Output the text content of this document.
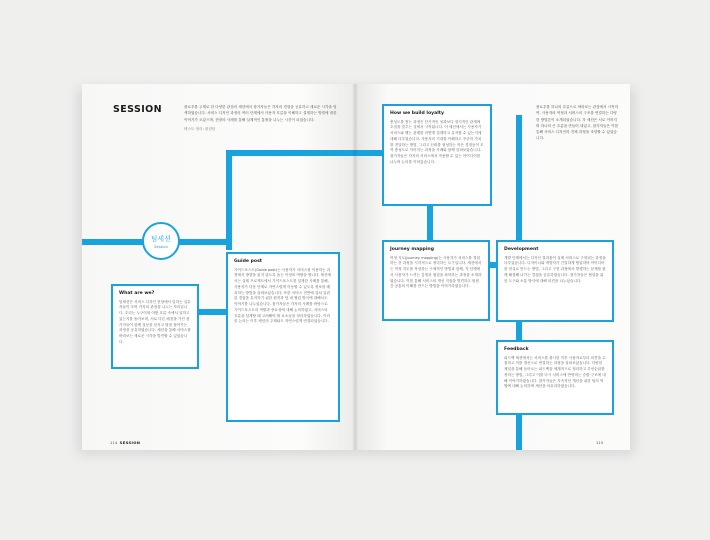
SESSION	플로우를 주제로 한 다양한 관점의 세션에서 참가자들은 각자의 경험을 공유하고 새로운 시각을 탐색하였습니다. 서비스 디자인 과정의 여러 단계에서 사용자 흐름을 이해하고 설계하는 방법에 대한 이야기가 오갔으며, 현장의 사례를 통해 실제적인 통찰을 나누는 시간이 되었습니다.
텍스트 정리: 편집팀
팀세션
Session
What are we?
팀세션은 서비스 디자인 현장에서 일하는 실무자들이 모여 각자의 관점을 나누는 자리입니다. 우리는 누구이며 어떤 흐름 속에서 일하고 있는지를 돌아보며, 서로 다른 배경을 가진 참가자들이 함께 질문을 던지고 답을 찾아가는 과정을 공유하였습니다. 세션을 통해 서비스를 바라보는 새로운 시각을 발견할 수 있었습니다.
Guide post
가이드포스트(Guide post)는 사용자가 서비스를 이용하는 과정에서 방향을 잃지 않도록 돕는 이정표 역할을 합니다. 세션에서는 실제 프로젝트에서 가이드포스트를 설계한 사례를 통해, 사용자가 다음 단계로 자연스럽게 이동할 수 있도록 정보를 배치하는 방법을 살펴보았습니다. 또한 서비스 전반에 걸쳐 일관된 경험을 유지하기 위한 원칙과 팀 내 협업 방식에 대해서도 이야기를 나누었습니다. 참가자들은 각자의 사례를 바탕으로 가이드포스트의 역할과 중요성에 대해 논의하였고, 서비스의 흐름을 설계할 때 고려해야 할 요소들을 정리하였습니다. 이러한 논의는 이후 세션의 주제와도 자연스럽게 연결되었습니다.
How we build loyalty
충성도를 쌓는 과정은 단기적인 성과보다 장기적인 관계에 초점을 맞추는 것에서 시작됩니다. 이 세션에서는 사용자가 서비스와 맺는 관계를 어떻게 설계하고 유지할 수 있는지에 대해 다루었습니다. 사용자의 기대를 이해하고 꾸준히 가치를 전달하는 방법, 그리고 신뢰를 형성하는 작은 경험들이 모여 충성도로 이어지는 과정을 사례와 함께 살펴보았습니다. 참가자들은 각자의 서비스에서 적용할 수 있는 아이디어를 나누며 논의를 이어갔습니다.
Journey mapping
여정 지도(Journey mapping)는 사용자가 서비스를 경험하는 전 과정을 시각적으로 정리하는 도구입니다. 세션에서는 여정 지도를 작성하는 구체적인 방법과 함께, 각 단계에서 사용자가 느끼는 감정과 접점을 파악하는 과정을 소개하였습니다. 이를 통해 서비스의 개선 지점을 발견하고 팀원 간 공통의 이해를 만드는 방법을 이야기하였습니다.
Development
개발 단계에서는 디자인 결과물이 실제 서비스로 구현되는 과정을 다루었습니다. 디자이너와 개발자가 긴밀하게 협업하며 아이디어를 현실로 만드는 방법, 그리고 구현 과정에서 발생하는 문제를 함께 해결해 나가는 경험을 공유하였습니다. 참가자들은 협업을 위한 도구와 소통 방식에 대해 의견을 나누었습니다.
Feedback
피드백 세션에서는 서비스를 출시한 이후 사용자로부터 의견을 수집하고 이를 개선으로 연결하는 과정을 살펴보았습니다. 다양한 채널을 통해 들어오는 피드백을 체계적으로 정리하고 우선순위를 정하는 방법, 그리고 이를 다시 서비스에 반영하는 순환 구조에 대해 이야기하였습니다. 참가자들은 지속적인 개선을 위한 팀의 역할에 대해 논의하며 세션을 마무리하였습니다.
플로우를 하나의 흐름으로 바라보는 관점에서 시작하여, 사용자의 여정과 서비스의 구조를 연결하는 다양한 방법론이 소개되었습니다. 각 세션은 서로 이어지며 하나의 큰 흐름을 만들어 내었고, 참가자들은 이를 통해 서비스 디자인의 전체 과정을 조망할 수 있었습니다.
114 SESSION	115
